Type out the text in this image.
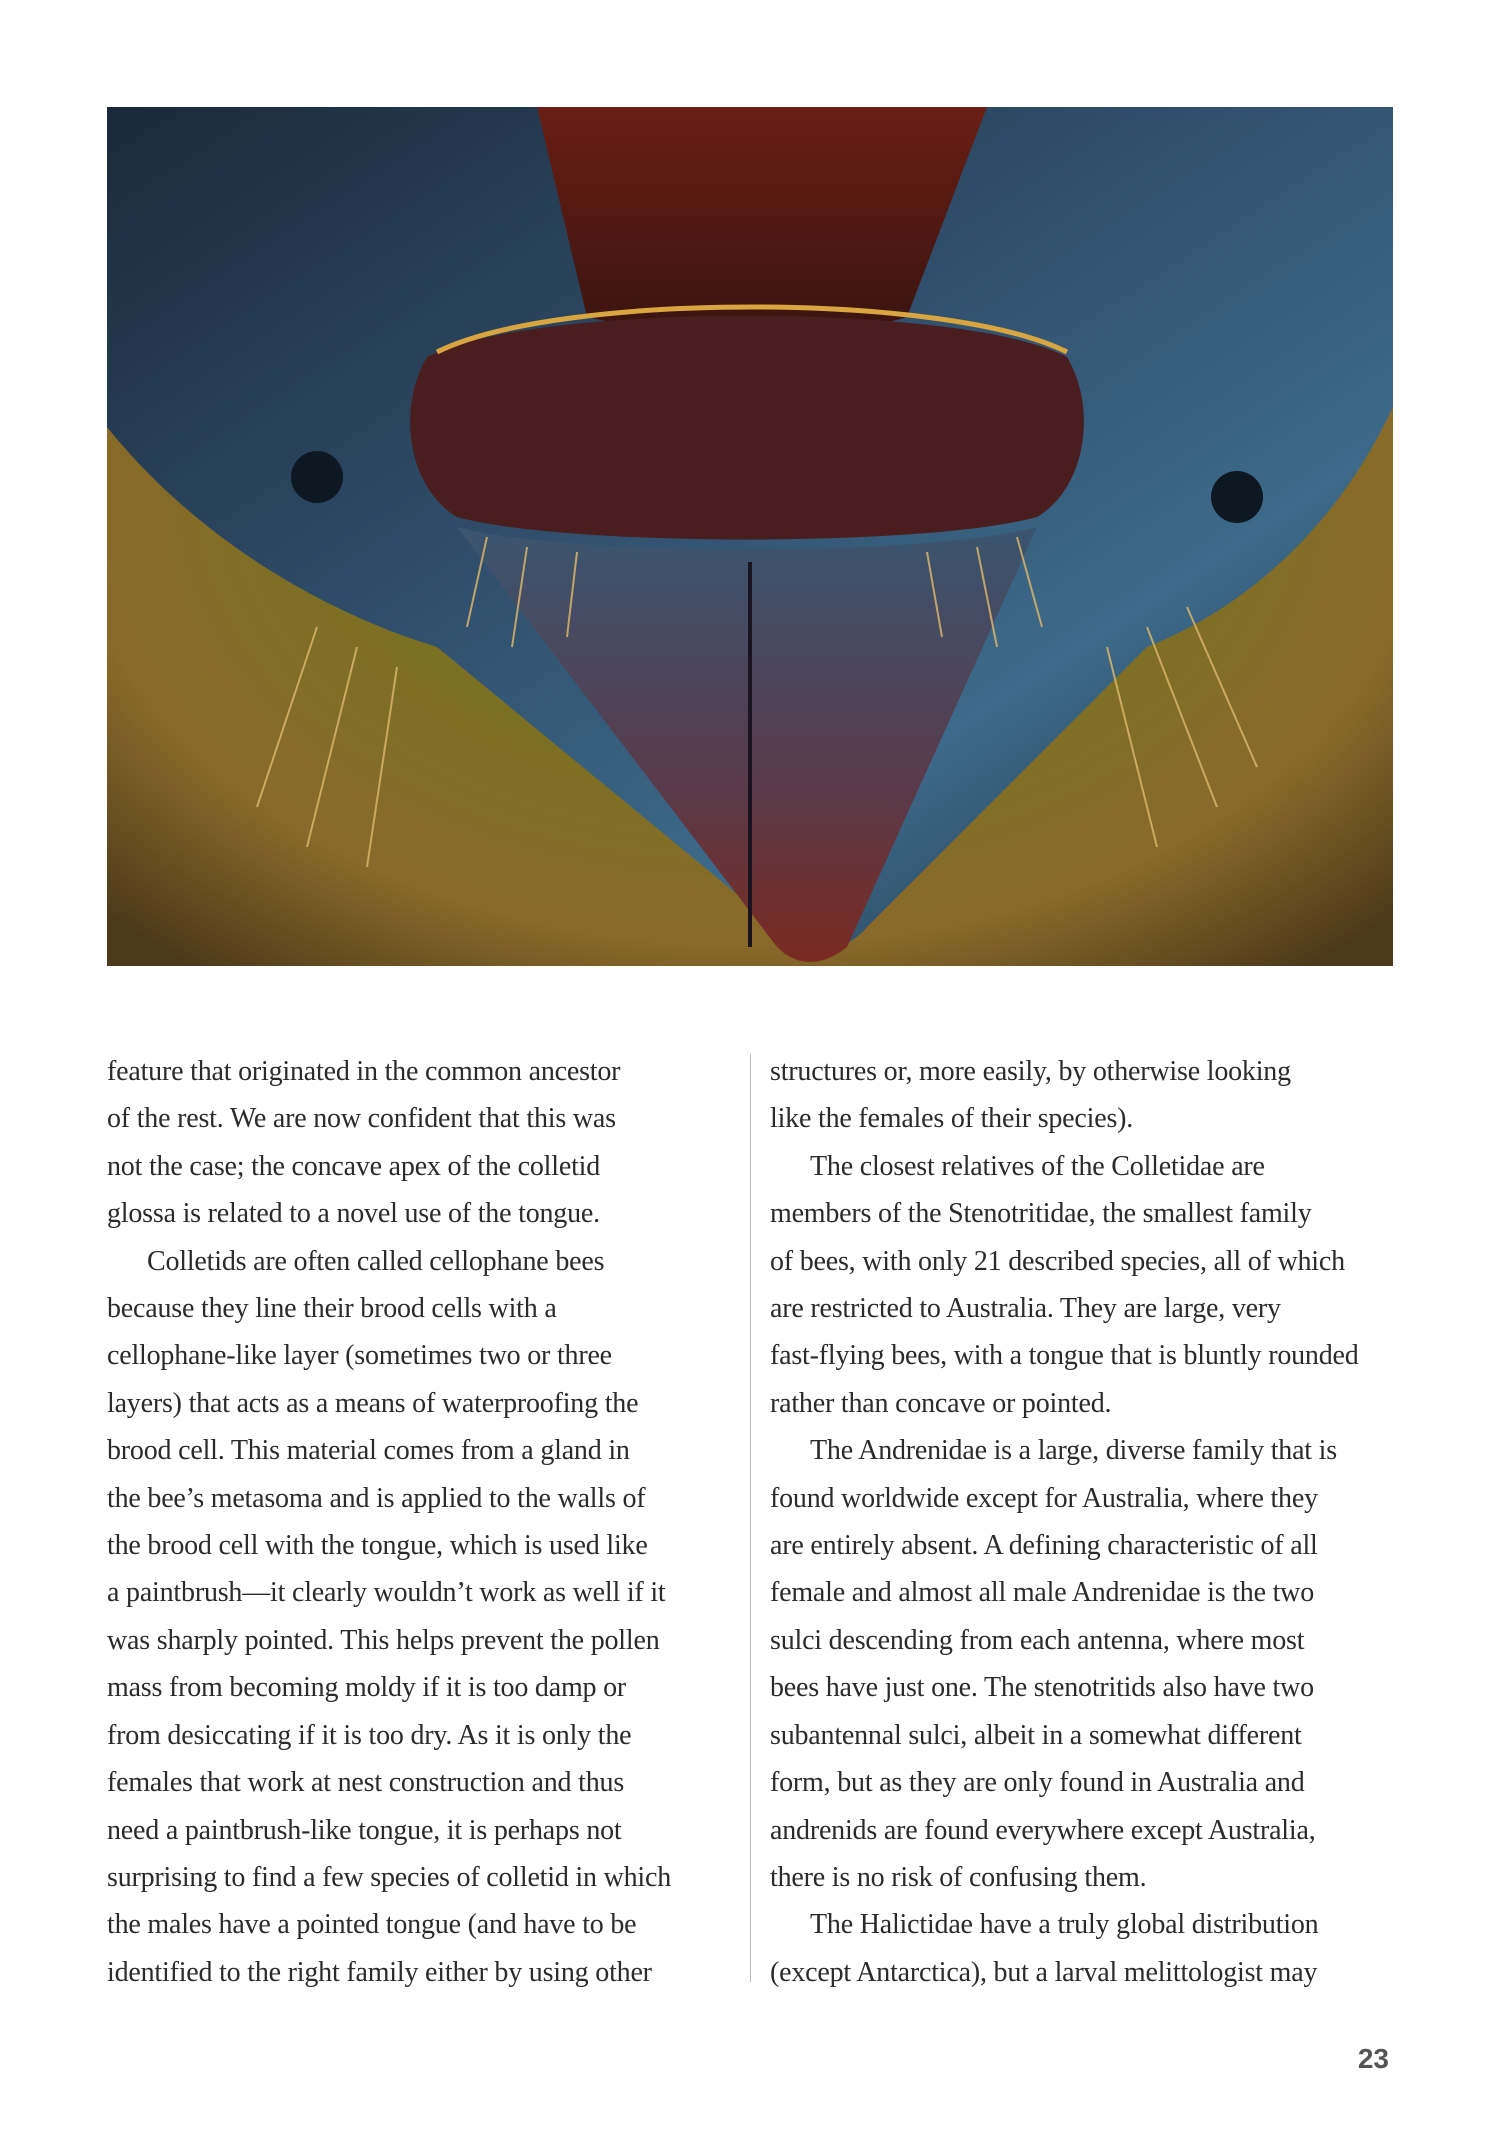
feature that originated in the common ancestor
of the rest. We are now confident that this was
not the case; the concave apex of the colletid
glossa is related to a novel use of the tongue.
Colletids are often called cellophane bees
because they line their brood cells with a
cellophane-like layer (sometimes two or three
layers) that acts as a means of waterproofing the
brood cell. This material comes from a gland in
the bee’s metasoma and is applied to the walls of
the brood cell with the tongue, which is used like
a paintbrush—it clearly wouldn’t work as well if it
was sharply pointed. This helps prevent the pollen
mass from becoming moldy if it is too damp or
from desiccating if it is too dry. As it is only the
females that work at nest construction and thus
need a paintbrush-like tongue, it is perhaps not
surprising to find a few species of colletid in which
the males have a pointed tongue (and have to be
identified to the right family either by using other
structures or, more easily, by otherwise looking
like the females of their species).
The closest relatives of the Colletidae are
members of the Stenotritidae, the smallest family
of bees, with only 21 described species, all of which
are restricted to Australia. They are large, very
fast-flying bees, with a tongue that is bluntly rounded
rather than concave or pointed.
The Andrenidae is a large, diverse family that is
found worldwide except for Australia, where they
are entirely absent. A defining characteristic of all
female and almost all male Andrenidae is the two
sulci descending from each antenna, where most
bees have just one. The stenotritids also have two
subantennal sulci, albeit in a somewhat different
form, but as they are only found in Australia and
andrenids are found everywhere except Australia,
there is no risk of confusing them.
The Halictidae have a truly global distribution
(except Antarctica), but a larval melittologist may
23
